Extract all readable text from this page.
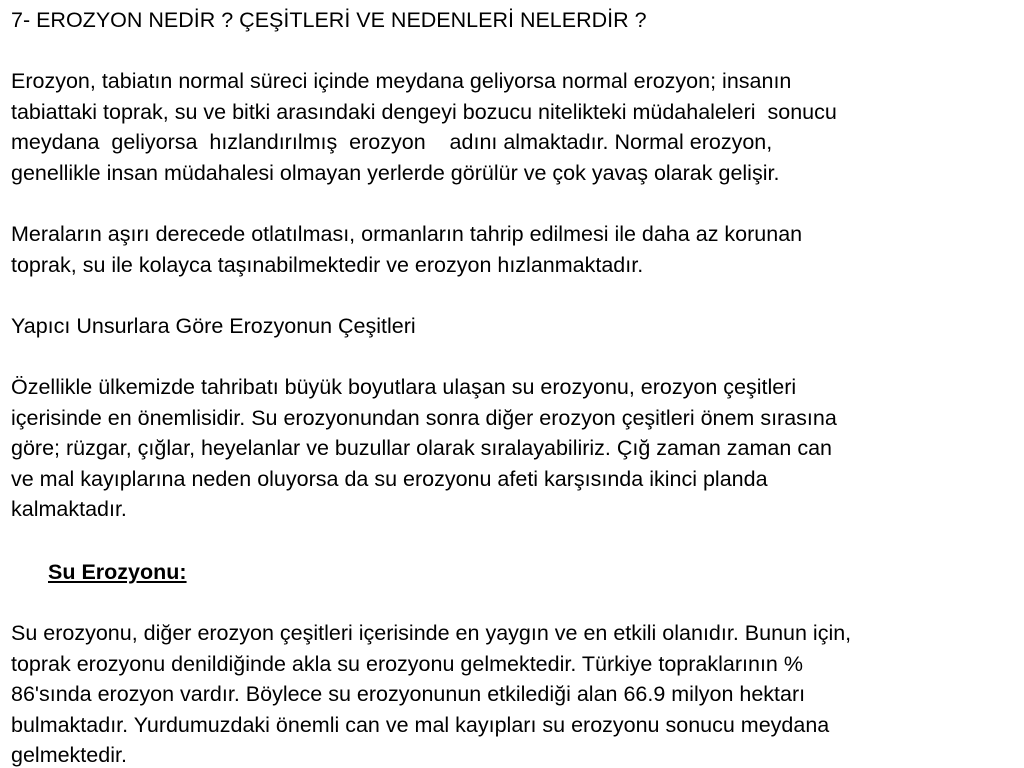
7- EROZYON NEDİR ? ÇEŞİTLERİ VE NEDENLERİ NELERDİR ?
Erozyon, tabiatın normal süreci içinde meydana geliyorsa normal erozyon; insanın
tabiattaki toprak, su ve bitki arasındaki dengeyi bozucu nitelikteki müdahaleleri  sonucu
meydana  geliyorsa  hızlandırılmış  erozyon    adını almaktadır. Normal erozyon,
genellikle insan müdahalesi olmayan yerlerde görülür ve çok yavaş olarak gelişir.
Meraların aşırı derecede otlatılması, ormanların tahrip edilmesi ile daha az korunan
toprak, su ile kolayca taşınabilmektedir ve erozyon hızlanmaktadır.
Yapıcı Unsurlara Göre Erozyonun Çeşitleri
Özellikle ülkemizde tahribatı büyük boyutlara ulaşan su erozyonu, erozyon çeşitleri
içerisinde en önemlisidir. Su erozyonundan sonra diğer erozyon çeşitleri önem sırasına
göre; rüzgar, çığlar, heyelanlar ve buzullar olarak sıralayabiliriz. Çığ zaman zaman can
ve mal kayıplarına neden oluyorsa da su erozyonu afeti karşısında ikinci planda
kalmaktadır.
Su Erozyonu:
Su erozyonu, diğer erozyon çeşitleri içerisinde en yaygın ve en etkili olanıdır. Bunun için,
toprak erozyonu denildiğinde akla su erozyonu gelmektedir. Türkiye topraklarının %
86'sında erozyon vardır. Böylece su erozyonunun etkilediği alan 66.9 milyon hektarı
bulmaktadır. Yurdumuzdaki önemli can ve mal kayıpları su erozyonu sonucu meydana
gelmektedir.
